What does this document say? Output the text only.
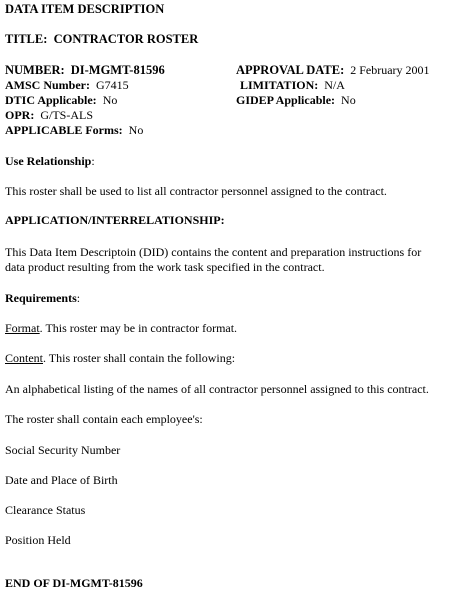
DATA ITEM DESCRIPTION
TITLE: CONTRACTOR ROSTER
NUMBER: DI-MGMT-81596	APPROVAL DATE: 2 February 2001
AMSC Number: G7415	LIMITATION: N/A
DTIC Applicable: No	GIDEP Applicable: No
OPR: G/TS-ALS
APPLICABLE Forms: No
Use Relationship:
This roster shall be used to list all contractor personnel assigned to the contract.
APPLICATION/INTERRELATIONSHIP:
This Data Item Descriptoin (DID) contains the content and preparation instructions for
data product resulting from the work task specified in the contract.
Requirements:
Format. This roster may be in contractor format.
Content. This roster shall contain the following:
An alphabetical listing of the names of all contractor personnel assigned to this contract.
The roster shall contain each employee's:
Social Security Number
Date and Place of Birth
Clearance Status
Position Held
END OF DI-MGMT-81596
